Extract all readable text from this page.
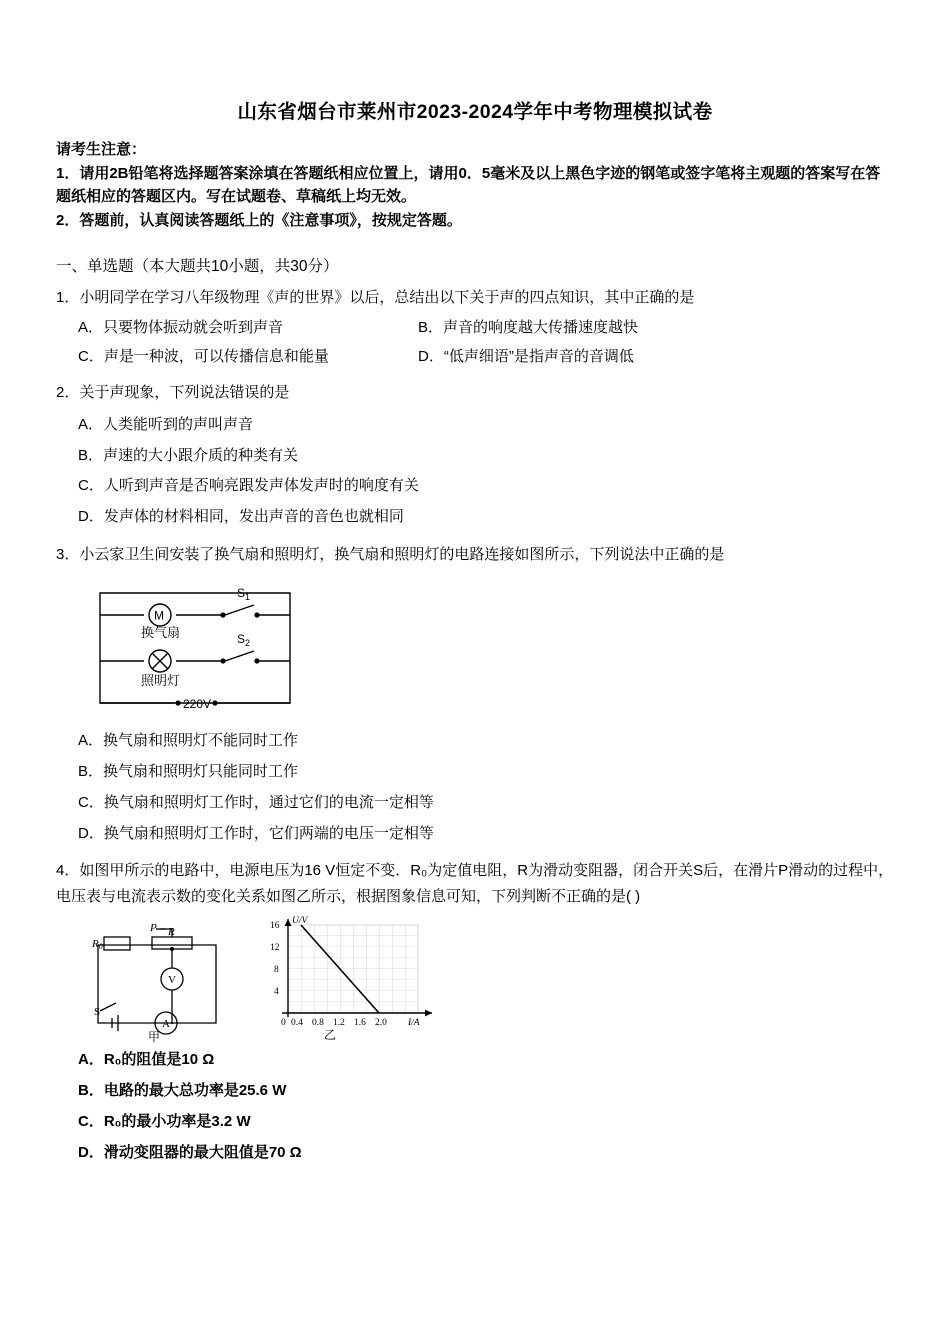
山东省烟台市莱州市2023-2024学年中考物理模拟试卷
请考生注意：
1．请用2B铅笔将选择题答案涂填在答题纸相应位置上，请用0．5毫米及以上黑色字迹的钢笔或签字笔将主观题的答案写在答题纸相应的答题区内。写在试题卷、草稿纸上均无效。
2．答题前，认真阅读答题纸上的《注意事项》，按规定答题。
一、单选题（本大题共10小题，共30分）
1．小明同学在学习八年级物理《声的世界》以后，总结出以下关于声的四点知识，其中正确的是
A．只要物体振动就会听到声音	B．声音的响度越大传播速度越快
C．声是一种波，可以传播信息和能量	D．“低声细语”是指声音的音调低
2．关于声现象，下列说法错误的是
A．人类能听到的声叫声音
B．声速的大小跟介质的种类有关
C．人听到声音是否响亮跟发声体发声时的响度有关
D．发声体的材料相同，发出声音的音色也就相同
3．小云家卫生间安装了换气扇和照明灯，换气扇和照明灯的电路连接如图所示，下列说法中正确的是
M
换气扇
照明灯
$S_1$
$S_2$
220V
A．换气扇和照明灯不能同时工作
B．换气扇和照明灯只能同时工作
C．换气扇和照明灯工作时，通过它们的电流一定相等
D．换气扇和照明灯工作时，它们两端的电压一定相等
4．如图甲所示的电路中，电源电压为16 V恒定不变．R₀为定值电阻，R为滑动变阻器，闭合开关S后，在滑片P滑动的过程中，电压表与电流表示数的变化关系如图乙所示，根据图象信息可知，下列判断不正确的是( )
R0
P R
V
A
S
甲
16
12
8
4
0 0.4 0.8 1.2 1.6 2.0
U/V
I/A
乙
A．R₀的阻值是10 Ω
B．电路的最大总功率是25.6 W
C．R₀的最小功率是3.2 W
D．滑动变阻器的最大阻值是70 Ω
